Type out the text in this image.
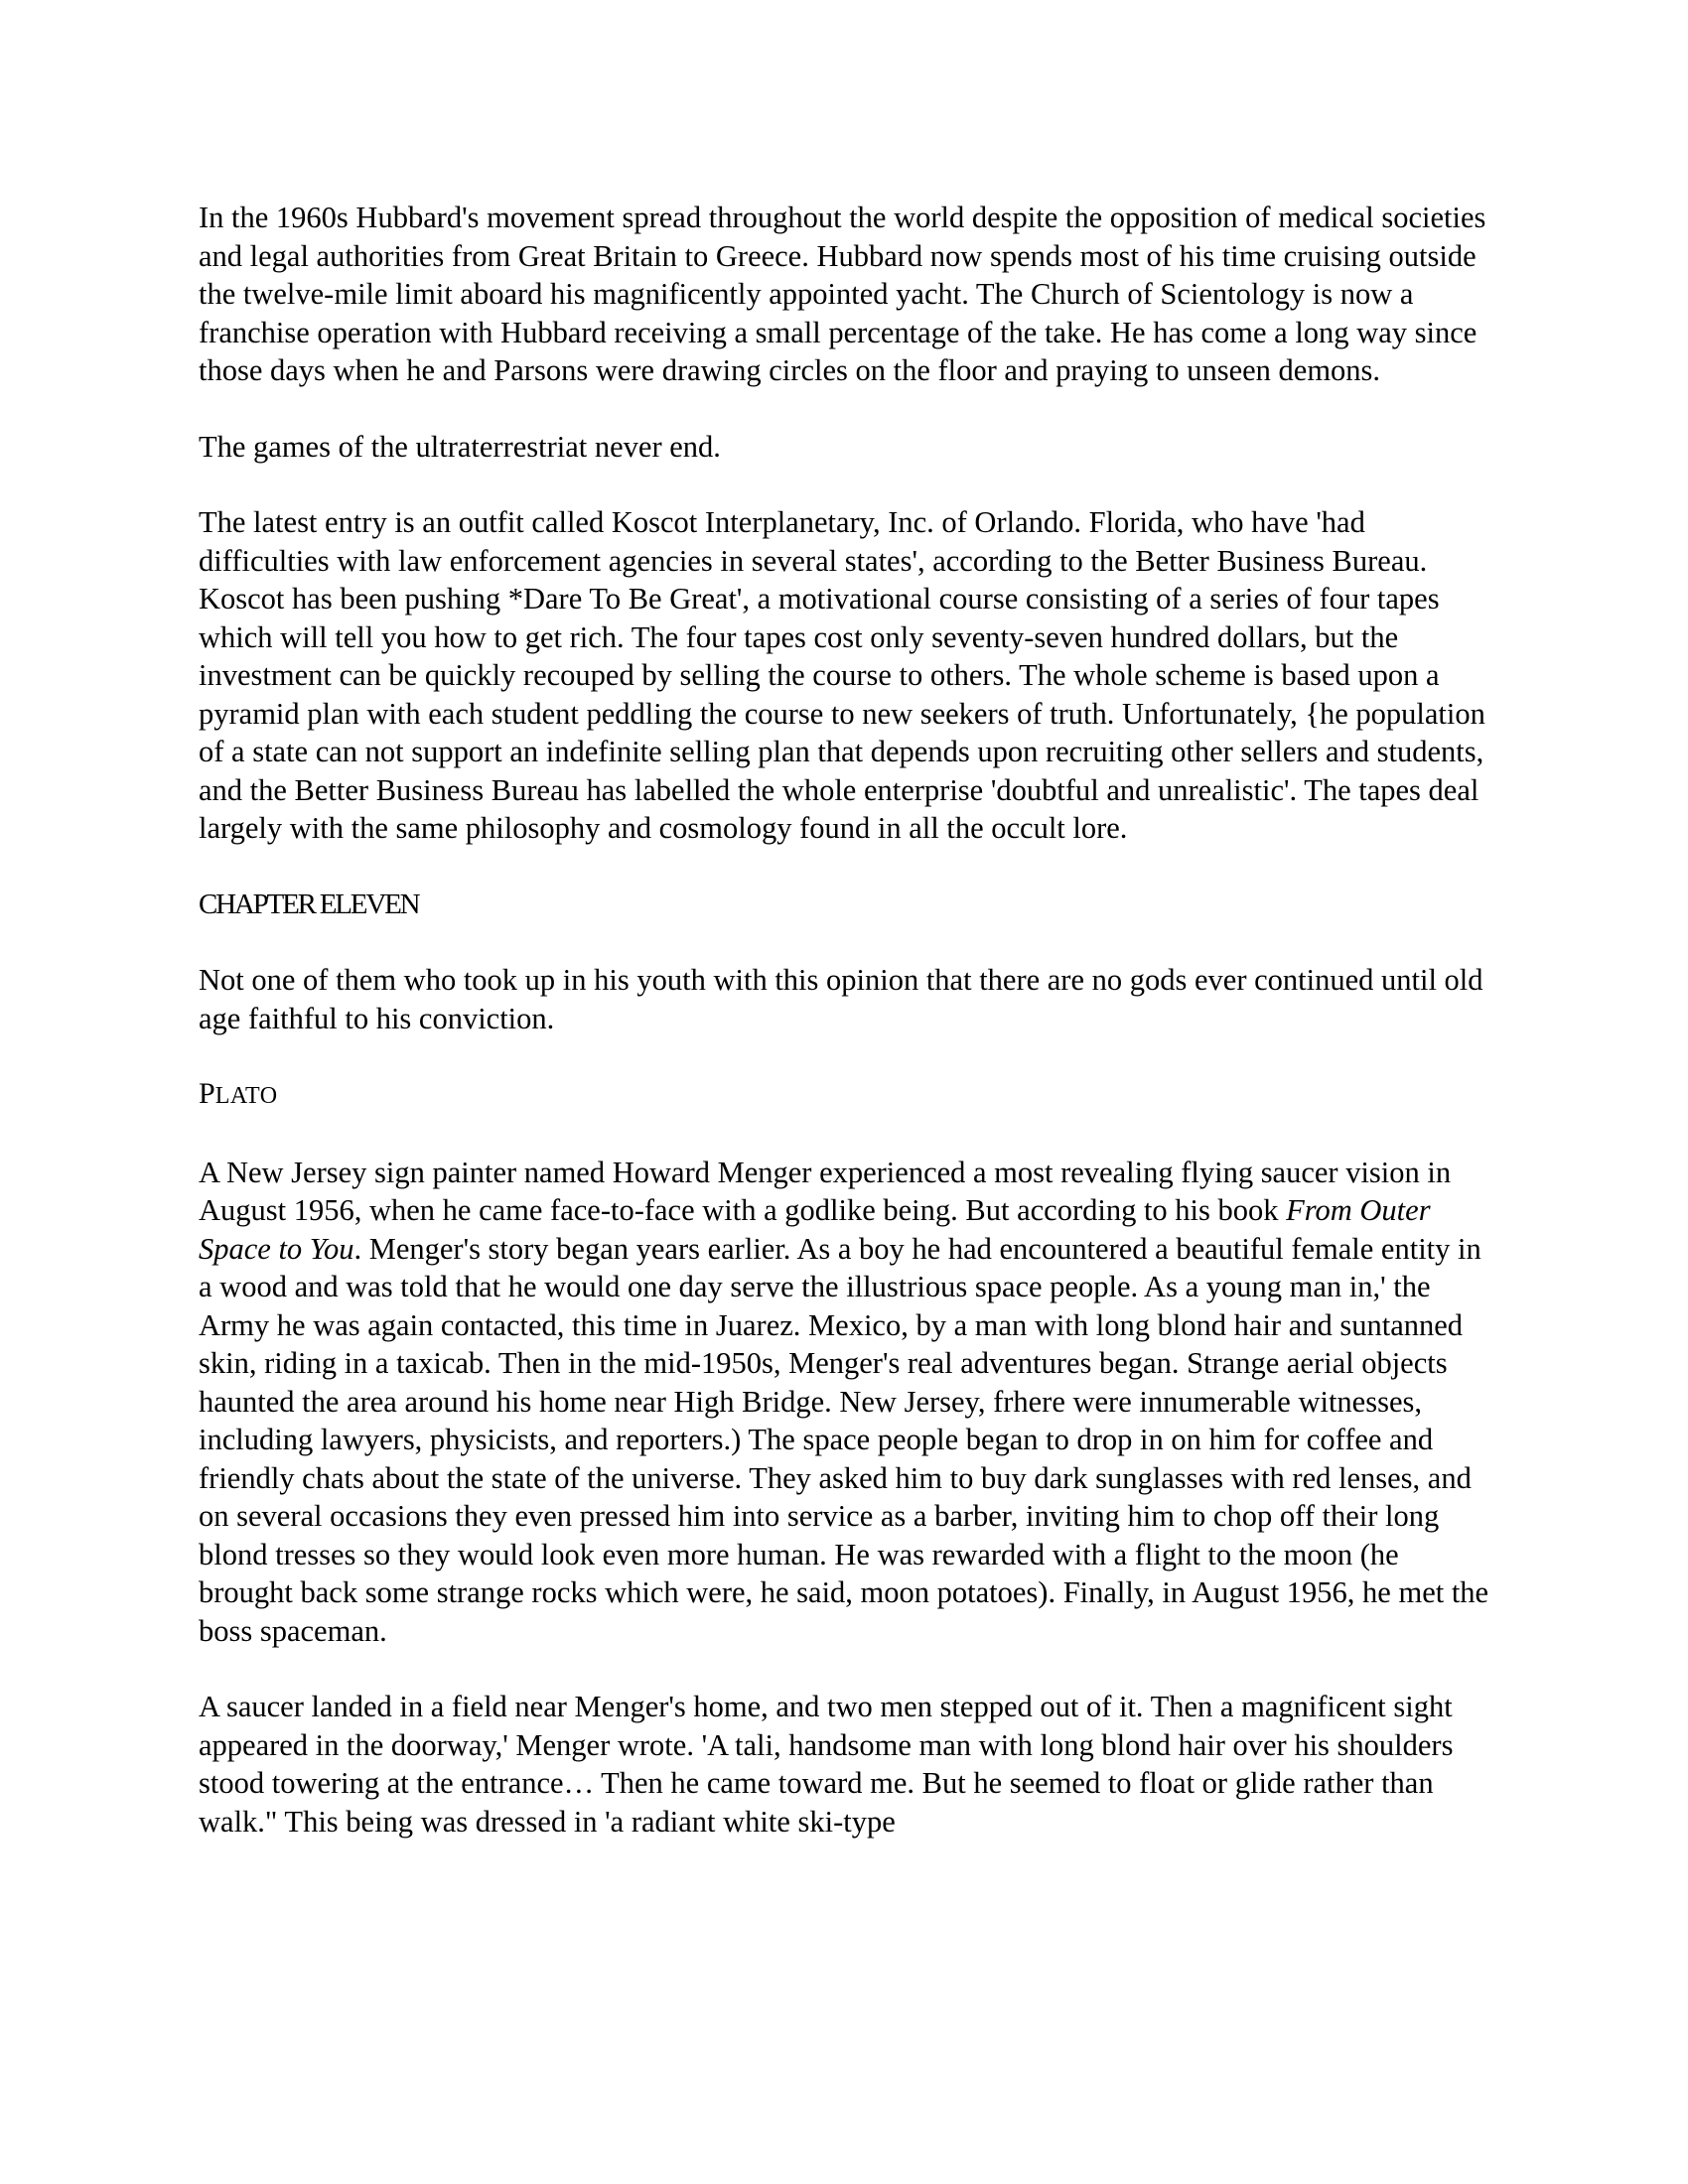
In the 1960s Hubbard's movement spread throughout the world despite the opposition of medical societies and legal authorities from Great Britain to Greece. Hubbard now spends most of his time cruising outside the twelve-mile limit aboard his magnificently appointed yacht. The Church of Scientology is now a franchise operation with Hubbard receiving a small percentage of the take. He has come a long way since those days when he and Parsons were drawing circles on the floor and praying to unseen demons.

The games of the ultraterrestriat never end.

The latest entry is an outfit called Koscot Interplanetary, Inc. of Orlando. Florida, who have 'had difficulties with law enforcement agencies in several states', according to the Better Business Bureau. Koscot has been pushing *Dare To Be Great', a motivational course consisting of a series of four tapes which will tell you how to get rich. The four tapes cost only seventy-seven hundred dollars, but the investment can be quickly recouped by selling the course to others. The whole scheme is based upon a pyramid plan with each student peddling the course to new seekers of truth. Unfortunately, {he population of a state can not support an indefinite selling plan that depends upon recruiting other sellers and students, and the Better Business Bureau has labelled the whole enterprise 'doubtful and unrealistic'. The tapes deal largely with the same philosophy and cosmology found in all the occult lore.

CHAPTER ELEVEN

Not one of them who took up in his youth with this opinion that there are no gods ever continued until old age faithful to his conviction.

PLATO

A New Jersey sign painter named Howard Menger experienced a most revealing flying saucer vision in August 1956, when he came face-to-face with a godlike being. But according to his book From Outer Space to You. Menger's story began years earlier. As a boy he had encountered a beautiful female entity in a wood and was told that he would one day serve the illustrious space people. As a young man in,' the Army he was again contacted, this time in Juarez. Mexico, by a man with long blond hair and suntanned skin, riding in a taxicab. Then in the mid-1950s, Menger's real adventures began. Strange aerial objects haunted the area around his home near High Bridge. New Jersey, frhere were innumerable witnesses, including lawyers, physicists, and reporters.) The space people began to drop in on him for coffee and friendly chats about the state of the universe. They asked him to buy dark sunglasses with red lenses, and on several occasions they even pressed him into service as a barber, inviting him to chop off their long blond tresses so they would look even more human. He was rewarded with a flight to the moon (he brought back some strange rocks which were, he said, moon potatoes). Finally, in August 1956, he met the boss spaceman.

A saucer landed in a field near Menger's home, and two men stepped out of it. Then a magnificent sight appeared in the doorway,' Menger wrote. 'A tali, handsome man with long blond hair over his shoulders stood towering at the entrance… Then he came toward me. But he seemed to float or glide rather than walk." This being was dressed in 'a radiant white ski-type
